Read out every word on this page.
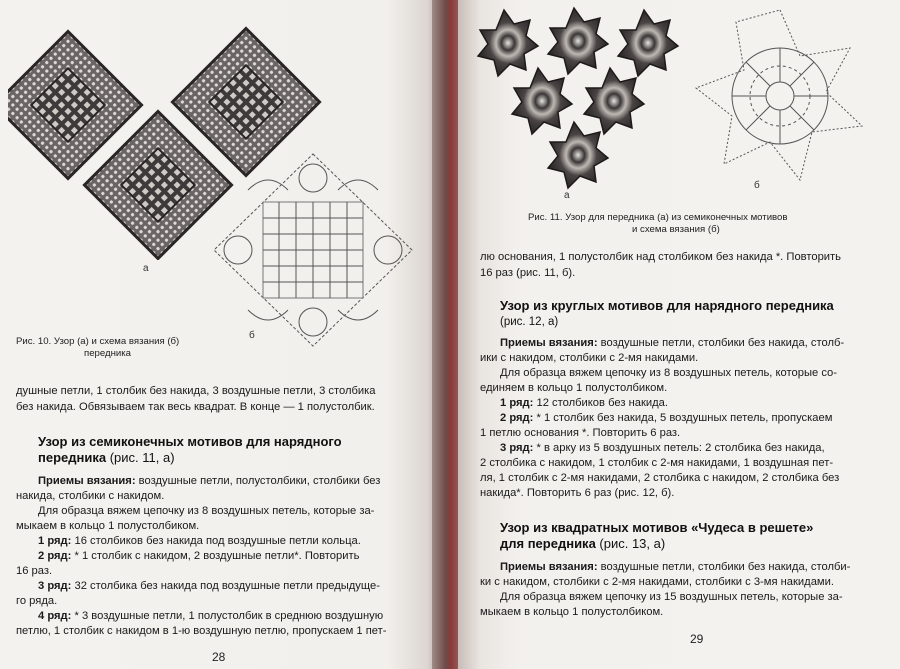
а
б
Рис. 10. Узор (а) и схема вязания (б)
передника
душные петли, 1 столбик без накида, 3 воздушные петли, 3 столбика
без накида. Обвязываем так весь квадрат. В конце — 1 полустолбик.
Узор из семиконечных мотивов для нарядного
передника (рис. 11, а)
Приемы вязания: воздушные петли, полустолбики, столбики без
накида, столбики с накидом.
Для образца вяжем цепочку из 8 воздушных петель, которые за-
мыкаем в кольцо 1 полустолбиком.
1 ряд: 16 столбиков без накида под воздушные петли кольца.
2 ряд: * 1 столбик с накидом, 2 воздушные петли*. Повторить
16 раз.
3 ряд: 32 столбика без накида под воздушные петли предыдуще-
го ряда.
4 ряд: * 3 воздушные петли, 1 полустолбик в среднюю воздушную
петлю, 1 столбик с накидом в 1-ю воздушную петлю, пропускаем 1 пет-
28
а
б
Рис. 11. Узор для передника (а) из семиконечных мотивов
и схема вязания (б)
лю основания, 1 полустолбик над столбиком без накида *. Повторить
16 раз (рис. 11, б).
Узор из круглых мотивов для нарядного передника
(рис. 12, а)
Приемы вязания: воздушные петли, столбики без накида, столб-
ики с накидом, столбики с 2-мя накидами.
Для образца вяжем цепочку из 8 воздушных петель, которые со-
единяем в кольцо 1 полустолбиком.
1 ряд: 12 столбиков без накида.
2 ряд: * 1 столбик без накида, 5 воздушных петель, пропускаем
1 петлю основания *. Повторить 6 раз.
3 ряд: * в арку из 5 воздушных петель: 2 столбика без накида,
2 столбика с накидом, 1 столбик с 2-мя накидами, 1 воздушная пет-
ля, 1 столбик с 2-мя накидами, 2 столбика с накидом, 2 столбика без
накида*. Повторить 6 раз (рис. 12, б).
Узор из квадратных мотивов «Чудеса в решете»
для передника (рис. 13, а)
Приемы вязания: воздушные петли, столбики без накида, столби-
ки с накидом, столбики с 2-мя накидами, столбики с 3-мя накидами.
Для образца вяжем цепочку из 15 воздушных петель, которые за-
мыкаем в кольцо 1 полустолбиком.
29
